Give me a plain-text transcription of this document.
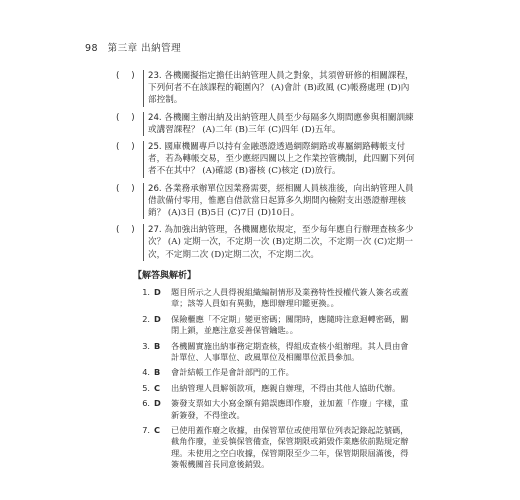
98 第三章 出納管理
(  )	23. 各機關擬指定擔任出納管理人員之對象，其須曾研修的相關課程，下列何者不在該課程的範圍內？ (A)會計 (B)政風 (C)帳務處理 (D)內部控制。
(  )	24. 各機關主辦出納及出納管理人員至少每隔多久期間應參與相關訓練或講習課程？ (A)二年 (B)三年 (C)四年 (D)五年。
(  )	25. 國庫機關專戶以持有金融憑證透過網際網路或專屬網路轉帳支付者，若為轉帳交易，至少應經四關以上之作業控管機制，此四關下列何者不在其中？ (A)確認 (B)審核 (C)核定 (D)放行。
(  )	26. 各業務承辦單位因業務需要，經相關人員核准後，向出納管理人員借款備付零用，惟應自借款當日起算多久期間內檢附支出憑證辦理核銷？ (A)3日 (B)5日 (C)7日 (D)10日。
(  )	27. 為加強出納管理，各機關應依規定，至少每年應自行辦理查核多少次？ (A) 定期一次，不定期一次 (B)定期二次，不定期一次 (C)定期一次，不定期二次 (D)定期二次，不定期二次。
【解答與解析】
1. D	題目所示之人員得視組織編制情形及業務特性授權代簽人簽名或蓋章；該等人員如有異動，應即辦理印鑑更換。。
2. D	保險櫃應「不定期」變更密碼；關閉時，應隨時注意迴轉密碼，關閉上鎖，並應注意妥善保管鑰匙。。
3. B	各機關實施出納事務定期查核，得組成查核小組辦理。其人員由會計單位、人事單位、政風單位及相關單位派員參加。
4. B	會計結帳工作是會計部門的工作。
5. C	出納管理人員解領款項，應親自辦理，不得由其他人協助代辦。
6. D	簽發支票如大小寫金額有錯誤應即作廢，並加蓋「作廢」字樣，重新簽發，不得塗改。
7. C	已使用蓋作廢之收據，由保管單位或使用單位列表記錄起訖號碼，截角作廢，並妥慎保管備查，保管期限或銷毀作業應依前點規定辦理。未使用之空白收據，保管期限至少二年，保管期限屆滿後，得簽報機關首長同意後銷毀。
